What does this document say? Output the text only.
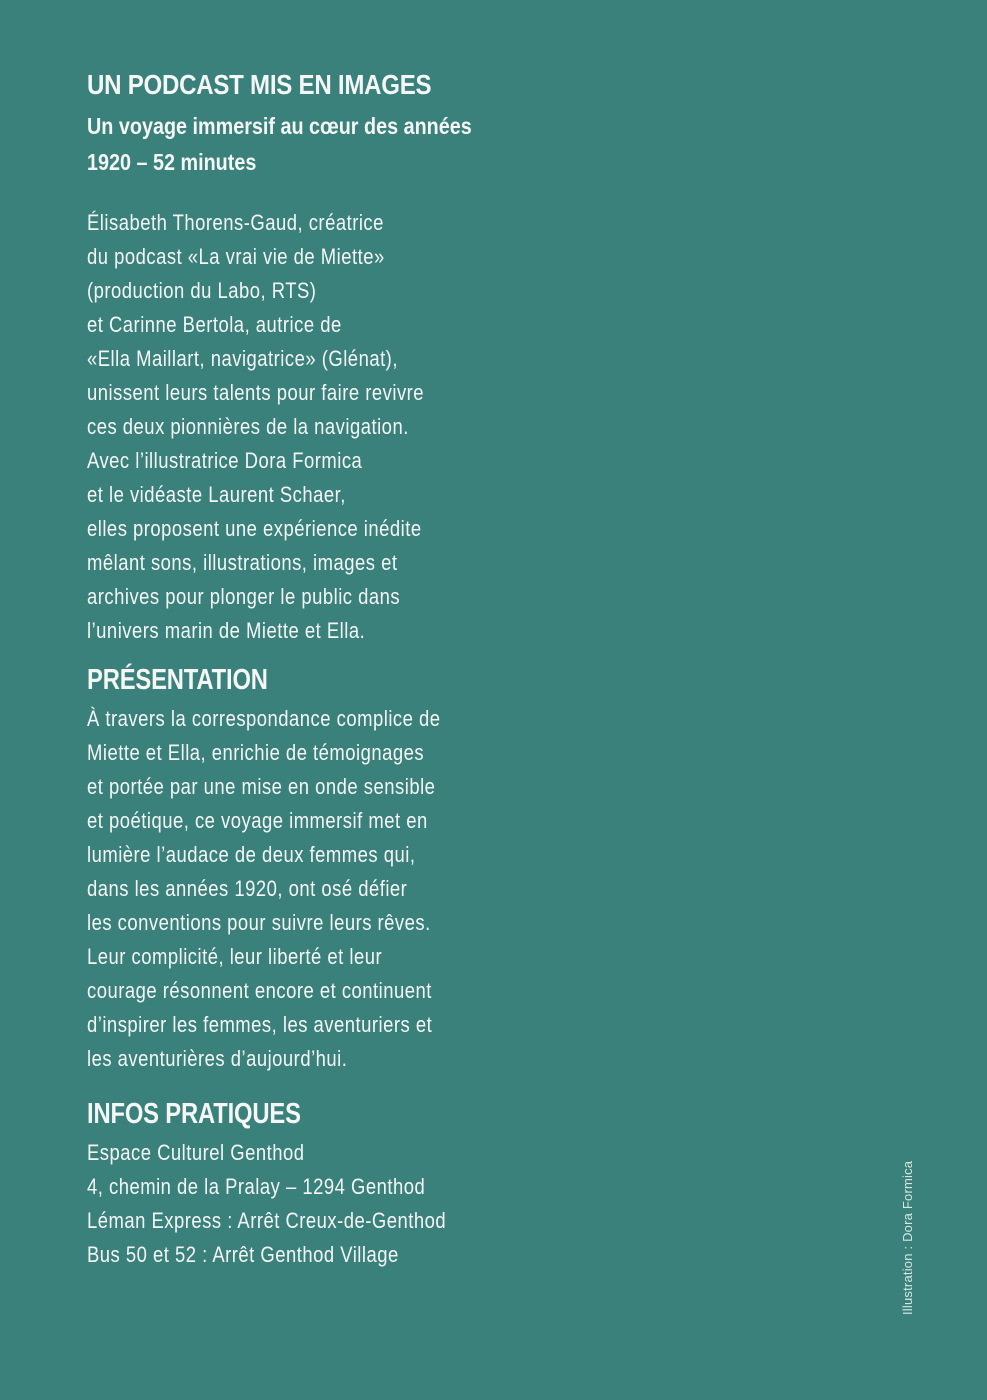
UN PODCAST MIS EN IMAGES
Un voyage immersif au cœur des années
1920 – 52 minutes
Élisabeth Thorens-Gaud, créatrice
du podcast «La vrai vie de Miette»
(production du Labo, RTS)
et Carinne Bertola, autrice de
«Ella Maillart, navigatrice» (Glénat),
unissent leurs talents pour faire revivre
ces deux pionnières de la navigation.
Avec l’illustratrice Dora Formica
et le vidéaste Laurent Schaer,
elles proposent une expérience inédite
mêlant sons, illustrations, images et
archives pour plonger le public dans
l’univers marin de Miette et Ella.
PRÉSENTATION
À travers la correspondance complice de
Miette et Ella, enrichie de témoignages
et portée par une mise en onde sensible
et poétique, ce voyage immersif met en
lumière l’audace de deux femmes qui,
dans les années 1920, ont osé défier
les conventions pour suivre leurs rêves.
Leur complicité, leur liberté et leur
courage résonnent encore et continuent
d’inspirer les femmes, les aventuriers et
les aventurières d’aujourd’hui.
INFOS PRATIQUES
Espace Culturel Genthod
4, chemin de la Pralay – 1294 Genthod
Léman Express : Arrêt Creux-de-Genthod
Bus 50 et 52 : Arrêt Genthod Village	Illustration : Dora Formica
